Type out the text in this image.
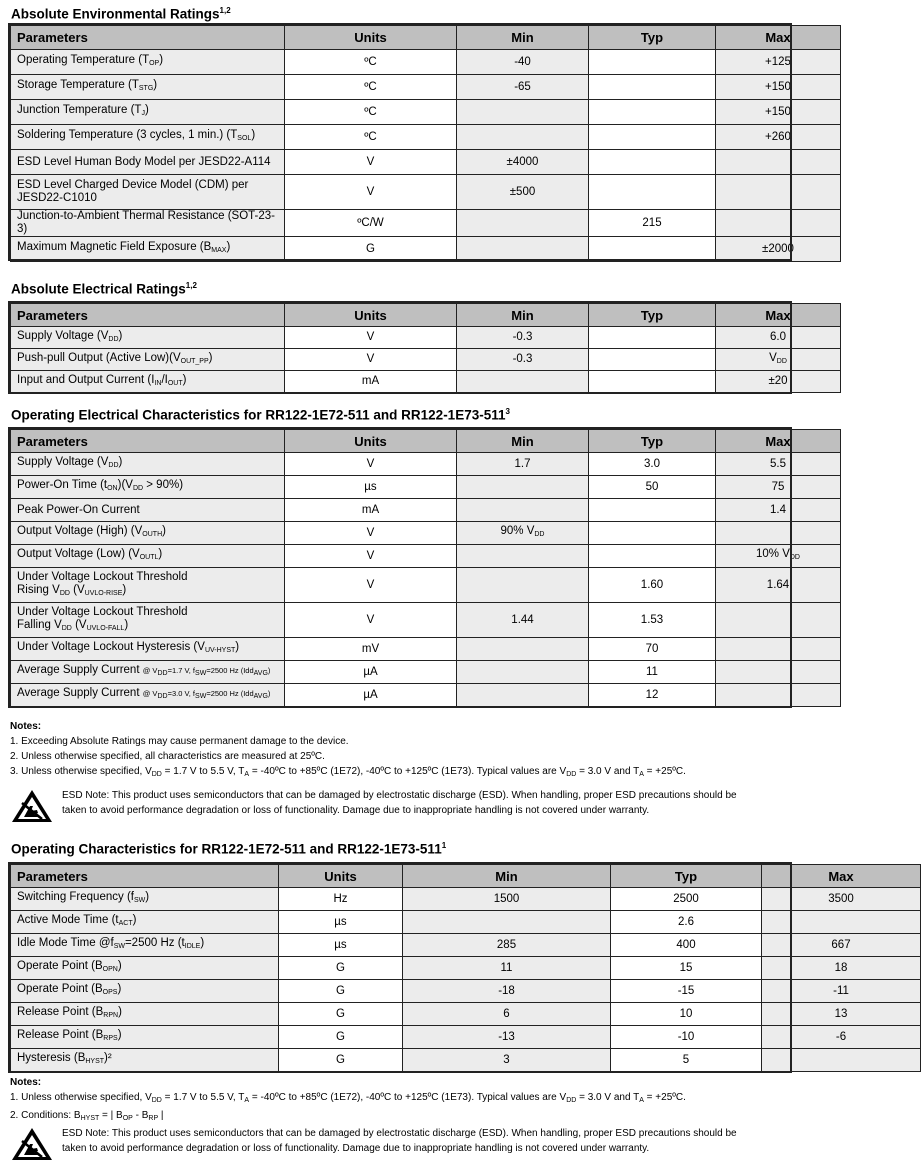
Absolute Environmental Ratings$^{1,2}$
Parameters	Units	Min	Typ	Max
Operating Temperature $(T_{OP})$	ºC	-40		+125
Storage Temperature $(T_{STG})$	ºC	-65		+150
Junction Temperature $(T_J)$	ºC			+150
Soldering Temperature (3 cycles, 1 min.) $(T_{SOL})$	ºC			+260
ESD Level Human Body Model per JESD22-A114	V	±4000		
ESD Level Charged Device Model (CDM) per JESD22-C1010	V	±500		
Junction-to-Ambient Thermal Resistance (SOT-23-3)	ºC/W		215	
Maximum Magnetic Field Exposure $(B_{MAX})$	G			±2000
Absolute Electrical Ratings$^{1,2}$
Parameters	Units	Min	Typ	Max
Supply Voltage $(V_{DD})$	V	-0.3		6.0
Push-pull Output (Active $Low)(V_{OUT\_PP})$	V	-0.3		$V_{DD}$
Input and Output Current $(I_{IN}/I_{OUT})$	mA			±20
Operating Electrical Characteristics for RR122-1E72-511 and $RR122-1E73-511^3$
Parameters	Units	Min	Typ	Max
Supply Voltage $(V_{DD})$	V	1.7	3.0	5.5
Power-On Time $(t_{ON})(V_{DD} > 90\%)$	µs		50	75
Peak Power-On Current	mA			1.4
Output Voltage (High) $(V_{OUTH})$	V	90% $V_{DD}$		
Output Voltage (Low) $(V_{OUTL})$	V			10% $V_{DD}$
Under Voltage Lockout Threshold
Rising $V_{DD}$ $(V_{UVLO-RISE})$	V		1.60	1.64
Under Voltage Lockout Threshold
Falling $V_{DD}$ $(V_{UVLO-FALL})$	V	1.44	1.53	
Under Voltage Lockout Hysteresis $(V_{UV-HYST})$	mV		70	
Average Supply Current @ $V_{DD}=1.7$ V, $f_{SW}=2500$ Hz (Idd$_{AVG}$)	µA		11	
Average Supply Current @ $V_{DD}=3.0$ V, $f_{SW}=2500$ Hz (Idd$_{AVG}$)	µA		12	
Operating Characteristics for RR122-1E72-511 and $RR122-1E73-511^1$
Parameters	Units	Min	Typ	Max
Switching Frequency $(f_{SW})$	Hz	1500	2500	3500
Active Mode Time $(t_{ACT})$	µs		2.6	
Idle Mode Time $@f_{SW}=2500$ Hz $(t_{IDLE})$	µs	285	400	667
Operate Point $(B_{OPN})$	G	11	15	18
Operate Point $(B_{OPS})$	G	-18	-15	-11
Release Point $(B_{RPN})$	G	6	10	13
Release Point $(B_{RPS})$	G	-13	-10	-6
Hysteresis $(B_{HYST})^2$	G	3	5	
Notes:
1. Exceeding Absolute Ratings may cause permanent damage to the device.
2. Unless otherwise specified, all characteristics are measured at 25ºC.
3. Unless otherwise specified, $V_{DD} = 1.7$ V to 5.5 V, $T_A$ = -40ºC to +85ºC (1E72), -40ºC to +125ºC (1E73). Typical values are $V_{DD} = 3.0$ V and $T_A$ = +25ºC.
Notes:
1. Unless otherwise specified, $V_{DD} = 1.7$ V to 5.5 V, $T_A$ = -40ºC to +85ºC (1E72), -40ºC to +125ºC (1E73). Typical values are $V_{DD} = 3.0$ V and $T_A$ = +25ºC.
2. Conditions: $B_{HYST}$ = | $B_{OP} - B_{RP}$ |
ESD Note: This product uses semiconductors that can be damaged by electrostatic discharge (ESD). When handling, proper ESD precautions should be
taken to avoid performance degradation or loss of functionality. Damage due to inappropriate handling is not covered under warranty.
ESD Note: This product uses semiconductors that can be damaged by electrostatic discharge (ESD). When handling, proper ESD precautions should be
taken to avoid performance degradation or loss of functionality. Damage due to inappropriate handling is not covered under warranty.
